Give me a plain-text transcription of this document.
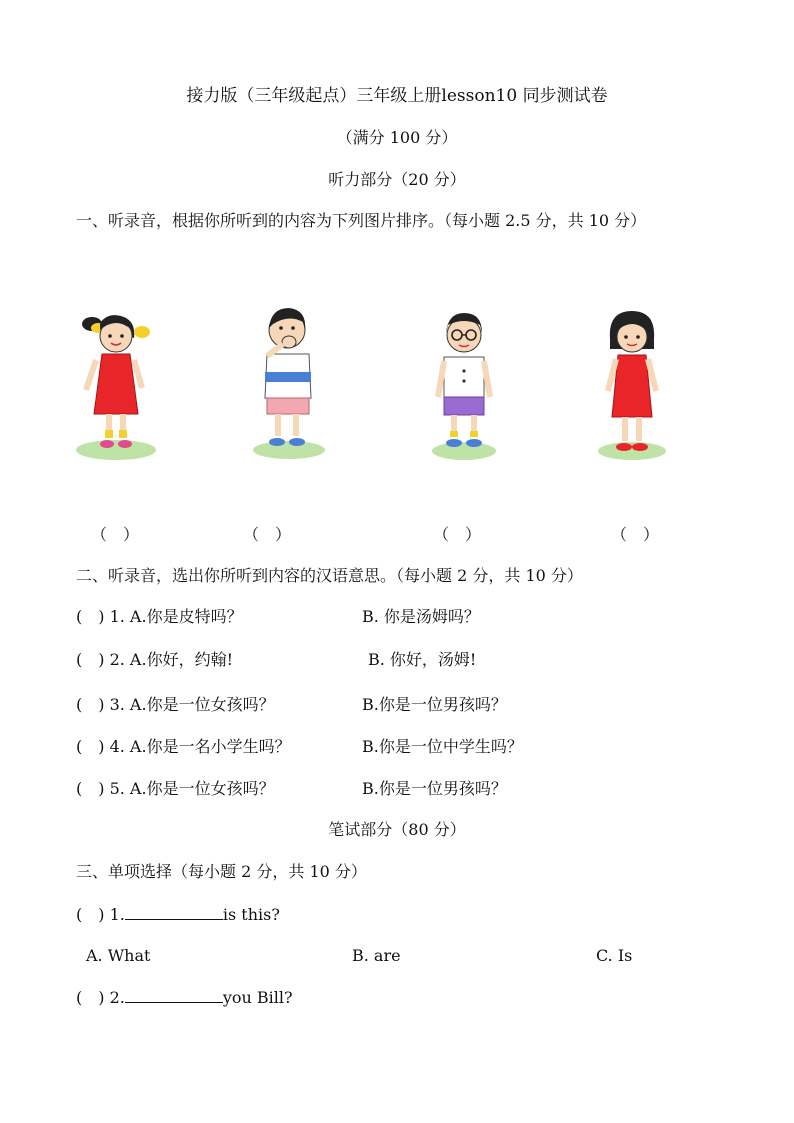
接力版（三年级起点）三年级上册lesson10 同步测试卷
（满分 100 分）
听力部分（20 分）
一、听录音，根据你所听到的内容为下列图片排序。（每小题 2.5 分，共 10 分）
（　）	（　）	（　）	（　）
二、听录音，选出你所听到内容的汉语意思。（每小题 2 分，共 10 分）
(　) 1. A.你是皮特吗？	B. 你是汤姆吗？
(　) 2. A.你好，约翰!	B. 你好，汤姆!
(　) 3. A.你是一位女孩吗？	B.你是一位男孩吗？
(　) 4. A.你是一名小学生吗？	B.你是一位中学生吗？
(　) 5. A.你是一位女孩吗？	B.你是一位男孩吗？
笔试部分（80 分）
三、单项选择（每小题 2 分，共 10 分）
(　) 1.	is this?
A. What	B. are	C. Is
(　) 2.	you Bill?
